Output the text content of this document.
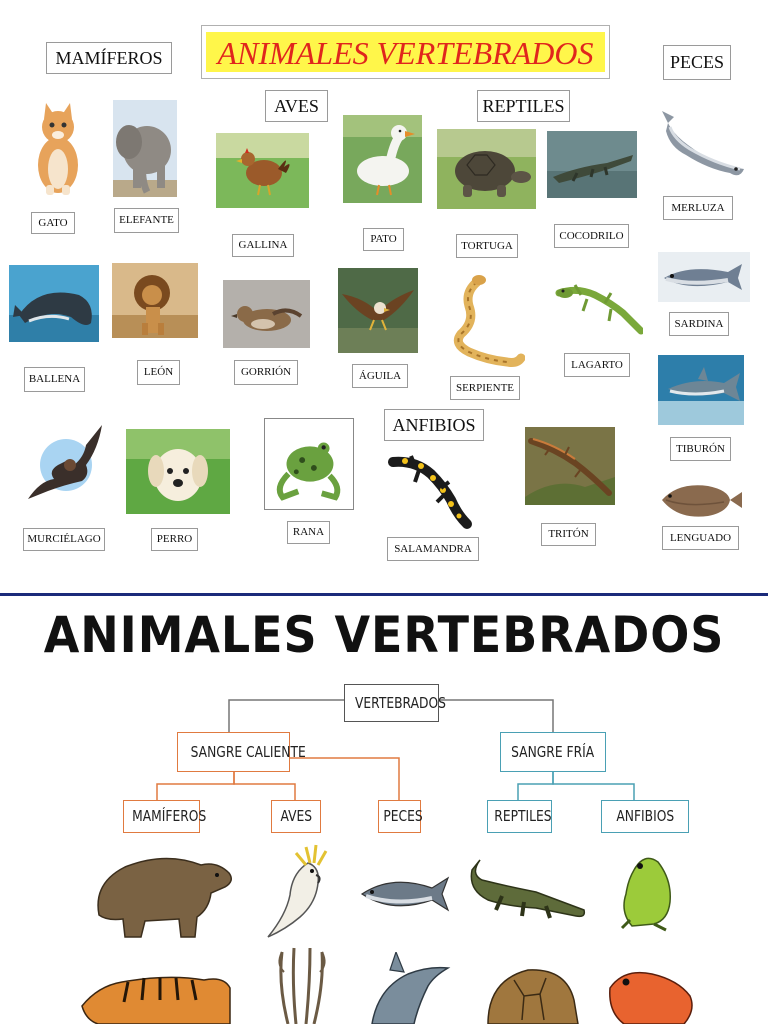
ANIMALES VERTEBRADOS
MAMÍFEROS
AVES	REPTILES
PECES
ANFIBIOS
GATO	ELEFANTE
GALLINA	PATO
TORTUGA
COCODRILO
MERLUZA
BALLENA
LEÓN	GORRIÓN	ÁGUILA
SERPIENTE
LAGARTO
SARDINA
TIBURÓN
MURCIÉLAGO	PERRO
RANA
SALAMANDRA
TRITÓN	LENGUADO
ANIMALES VERTEBRADOS
VERTEBRADOS
SANGRE CALIENTE	SANGRE FRÍA
MAMÍFEROS	AVES	PECES	REPTILES	ANFIBIOS
